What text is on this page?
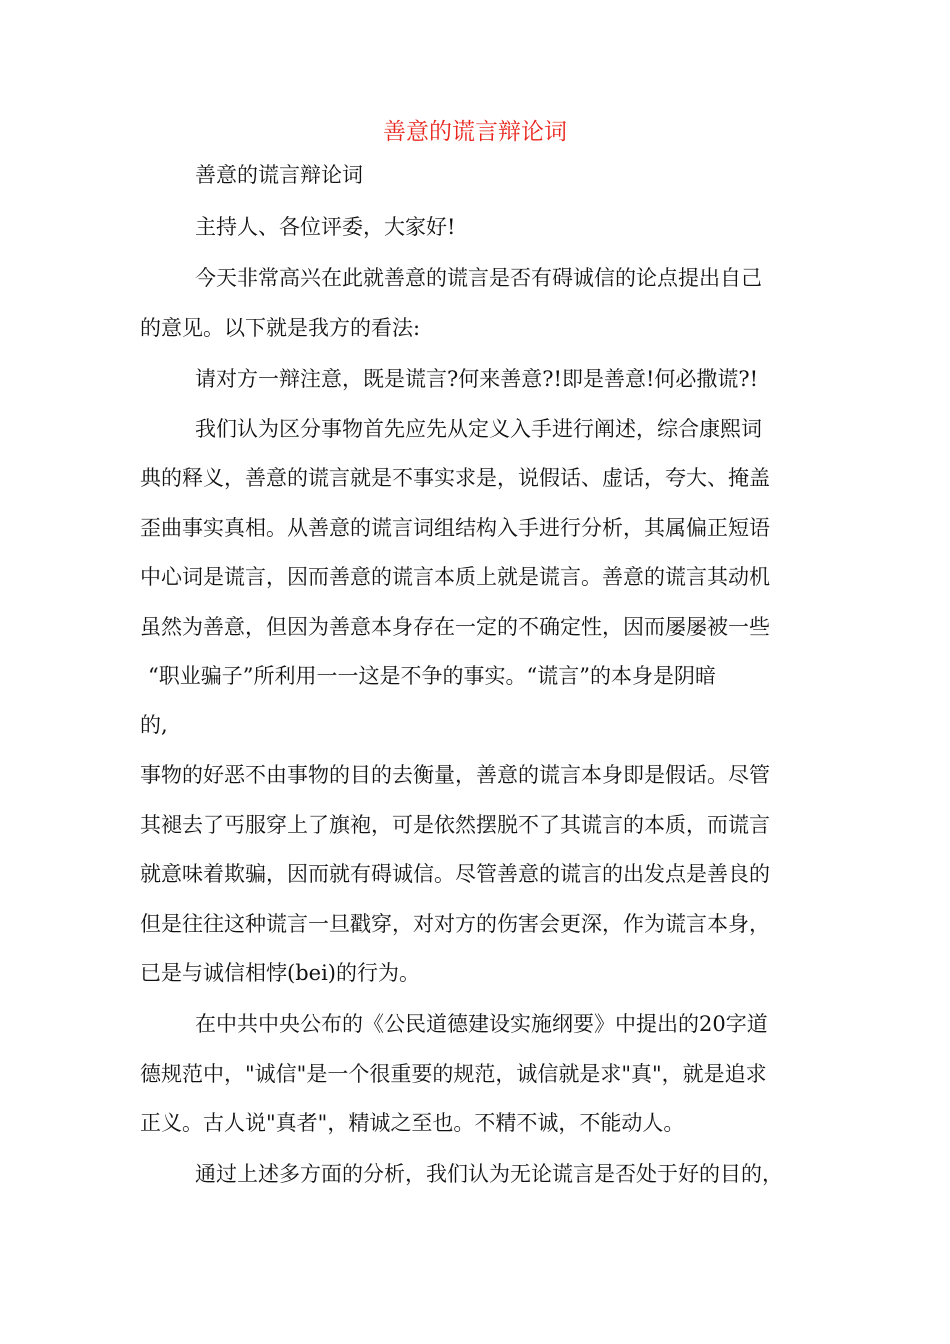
善意的谎言辩论词
善意的谎言辩论词
主持人、各位评委，大家好!
今天非常高兴在此就善意的谎言是否有碍诚信的论点提出自己
的意见。以下就是我方的看法:
请对方一辩注意，既是谎言?何来善意?!即是善意!何必撒谎?!
我们认为区分事物首先应先从定义入手进行阐述，综合康熙词
典的释义，善意的谎言就是不事实求是，说假话、虚话，夸大、掩盖
歪曲事实真相。从善意的谎言词组结构入手进行分析，其属偏正短语
中心词是谎言，因而善意的谎言本质上就是谎言。善意的谎言其动机
虽然为善意，但因为善意本身存在一定的不确定性，因而屡屡被一些
“职业骗子”所利用一一这是不争的事实。“谎言”的本身是阴暗
的,
事物的好恶不由事物的目的去衡量，善意的谎言本身即是假话。尽管
其褪去了丐服穿上了旗袍，可是依然摆脱不了其谎言的本质，而谎言
就意味着欺骗，因而就有碍诚信。尽管善意的谎言的出发点是善良的
但是往往这种谎言一旦戳穿，对对方的伤害会更深，作为谎言本身，
已是与诚信相悖(bei)的行为。
在中共中央公布的《公民道德建设实施纲要》中提出的20字道
德规范中，"诚信"是一个很重要的规范，诚信就是求"真"，就是追求
正义。古人说"真者"，精诚之至也。不精不诚，不能动人。
通过上述多方面的分析，我们认为无论谎言是否处于好的目的，
